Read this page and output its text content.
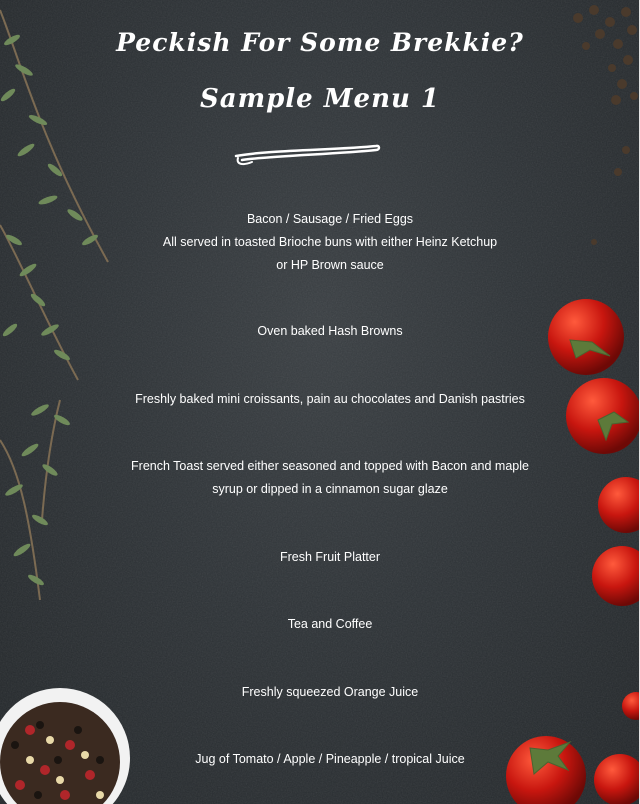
Peckish For Some Brekkie?
Sample Menu 1
Bacon / Sausage / Fried Eggs
All served in toasted Brioche buns with either Heinz Ketchup
or HP Brown sauce
Oven baked Hash Browns
Freshly baked mini croissants, pain au chocolates and Danish pastries
French Toast served either seasoned and topped with Bacon and maple
syrup or dipped in a cinnamon sugar glaze
Fresh Fruit Platter
Tea and Coffee
Freshly squeezed Orange Juice
Jug of Tomato / Apple / Pineapple / tropical Juice
